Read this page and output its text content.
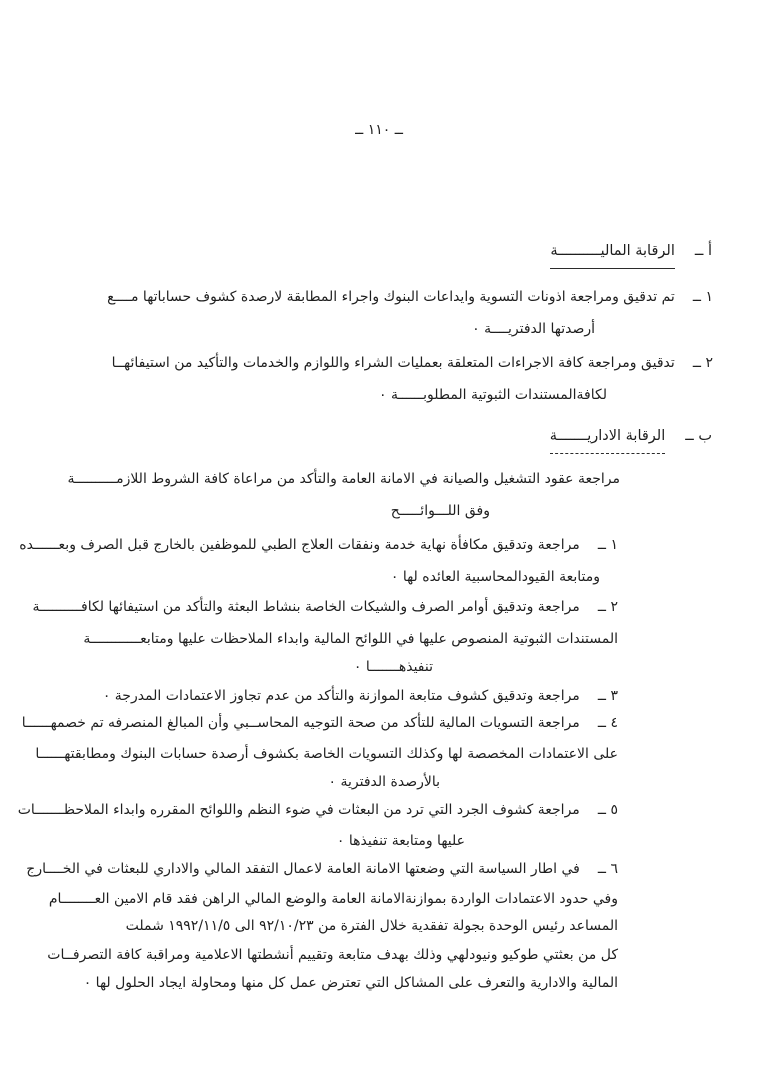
ــ ١١٠ ــ
أ ــالرقابة الماليــــــــــة
١ ــتم تدقيق ومراجعة اذونات التسوية وايداعات البنوك واجراء المطابقة لارصدة كشوف حساباتها مــــع
أرصدتها الدفتريــــة ٠
٢ ــتدقيق ومراجعة كافة الاجراءات المتعلقة بعمليات الشراء واللوازم والخدمات والتأكيد من استيفائهــا
لكافةالمستندات الثبوتية المطلوبــــــة ٠
ب ــالرقابة الاداريـــــــة
مراجعة عقود التشغيل والصيانة في الامانة العامة والتأكد من مراعاة كافة الشروط اللازمــــــــــة
وفق اللـــوائـــــح
١ ــمراجعة وتدقيق مكافأة نهاية خدمة ونفقات العلاج الطبي للموظفين بالخارج قبل الصرف وبعــــــده
ومتابعة القيودالمحاسبية العائده لها ٠
٢ ــمراجعة وتدقيق أوامر الصرف والشيكات الخاصة بنشاط البعثة والتأكد من استيفائها لكافــــــــــة
المستندات الثبوتية المنصوص عليها في اللوائح المالية وابداء الملاحظات عليها ومتابعــــــــــــة
تنفيذهـــــــا ٠
٣ ــمراجعة وتدقيق كشوف متابعة الموازنة والتأكد من عدم تجاوز الاعتمادات المدرجة ٠
٤ ــمراجعة التسويات المالية للتأكد من صحة التوجيه المحاســبي وأن المبالغ المنصرفه تم خصمهــــــا
على الاعتمادات المخصصة لها وكذلك التسويات الخاصة بكشوف أرصدة حسابات البنوك ومطابقتهــــــا
بالأرصدة الدفترية ٠
٥ ــمراجعة كشوف الجرد التي ترد من البعثات في ضوء النظم واللوائح المقرره وابداء الملاحظـــــــات
عليها ومتابعة تنفيذها ٠
٦ ــفي اطار السياسة التي وضعتها الامانة العامة لاعمال التفقد المالي والاداري للبعثات في الخــــارج
وفي حدود الاعتمادات الواردة بموازنةالامانة العامة والوضع المالي الراهن فقد قام الامين العــــــــام
المساعد رئيس الوحدة بجولة تفقدية خلال الفترة من ٩٢/١٠/٢٣ الى ١٩٩٢/١١/٥ شملت
كل من بعثتي طوكيو ونيودلهي وذلك بهدف متابعة وتقييم أنشطتها الاعلامية ومراقبة كافة التصرفــات
المالية والادارية والتعرف على المشاكل التي تعترض عمل كل منها ومحاولة ايجاد الحلول لها ٠
